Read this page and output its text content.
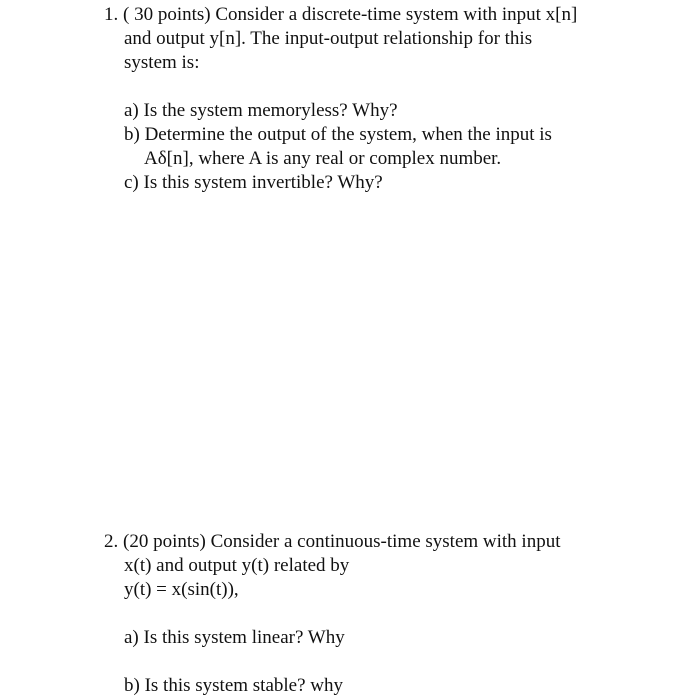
1. ( 30 points) Consider a discrete-time system with input x[n]
and output y[n]. The input-output relationship for this
system is:
a) Is the system memoryless? Why?
b) Determine the output of the system, when the input is
Aδ[n], where A is any real or complex number.
c) Is this system invertible? Why?
2. (20 points) Consider a continuous-time system with input
x(t) and output y(t) related by
y(t) = x(sin(t)),
a) Is this system linear? Why
b) Is this system stable? why
